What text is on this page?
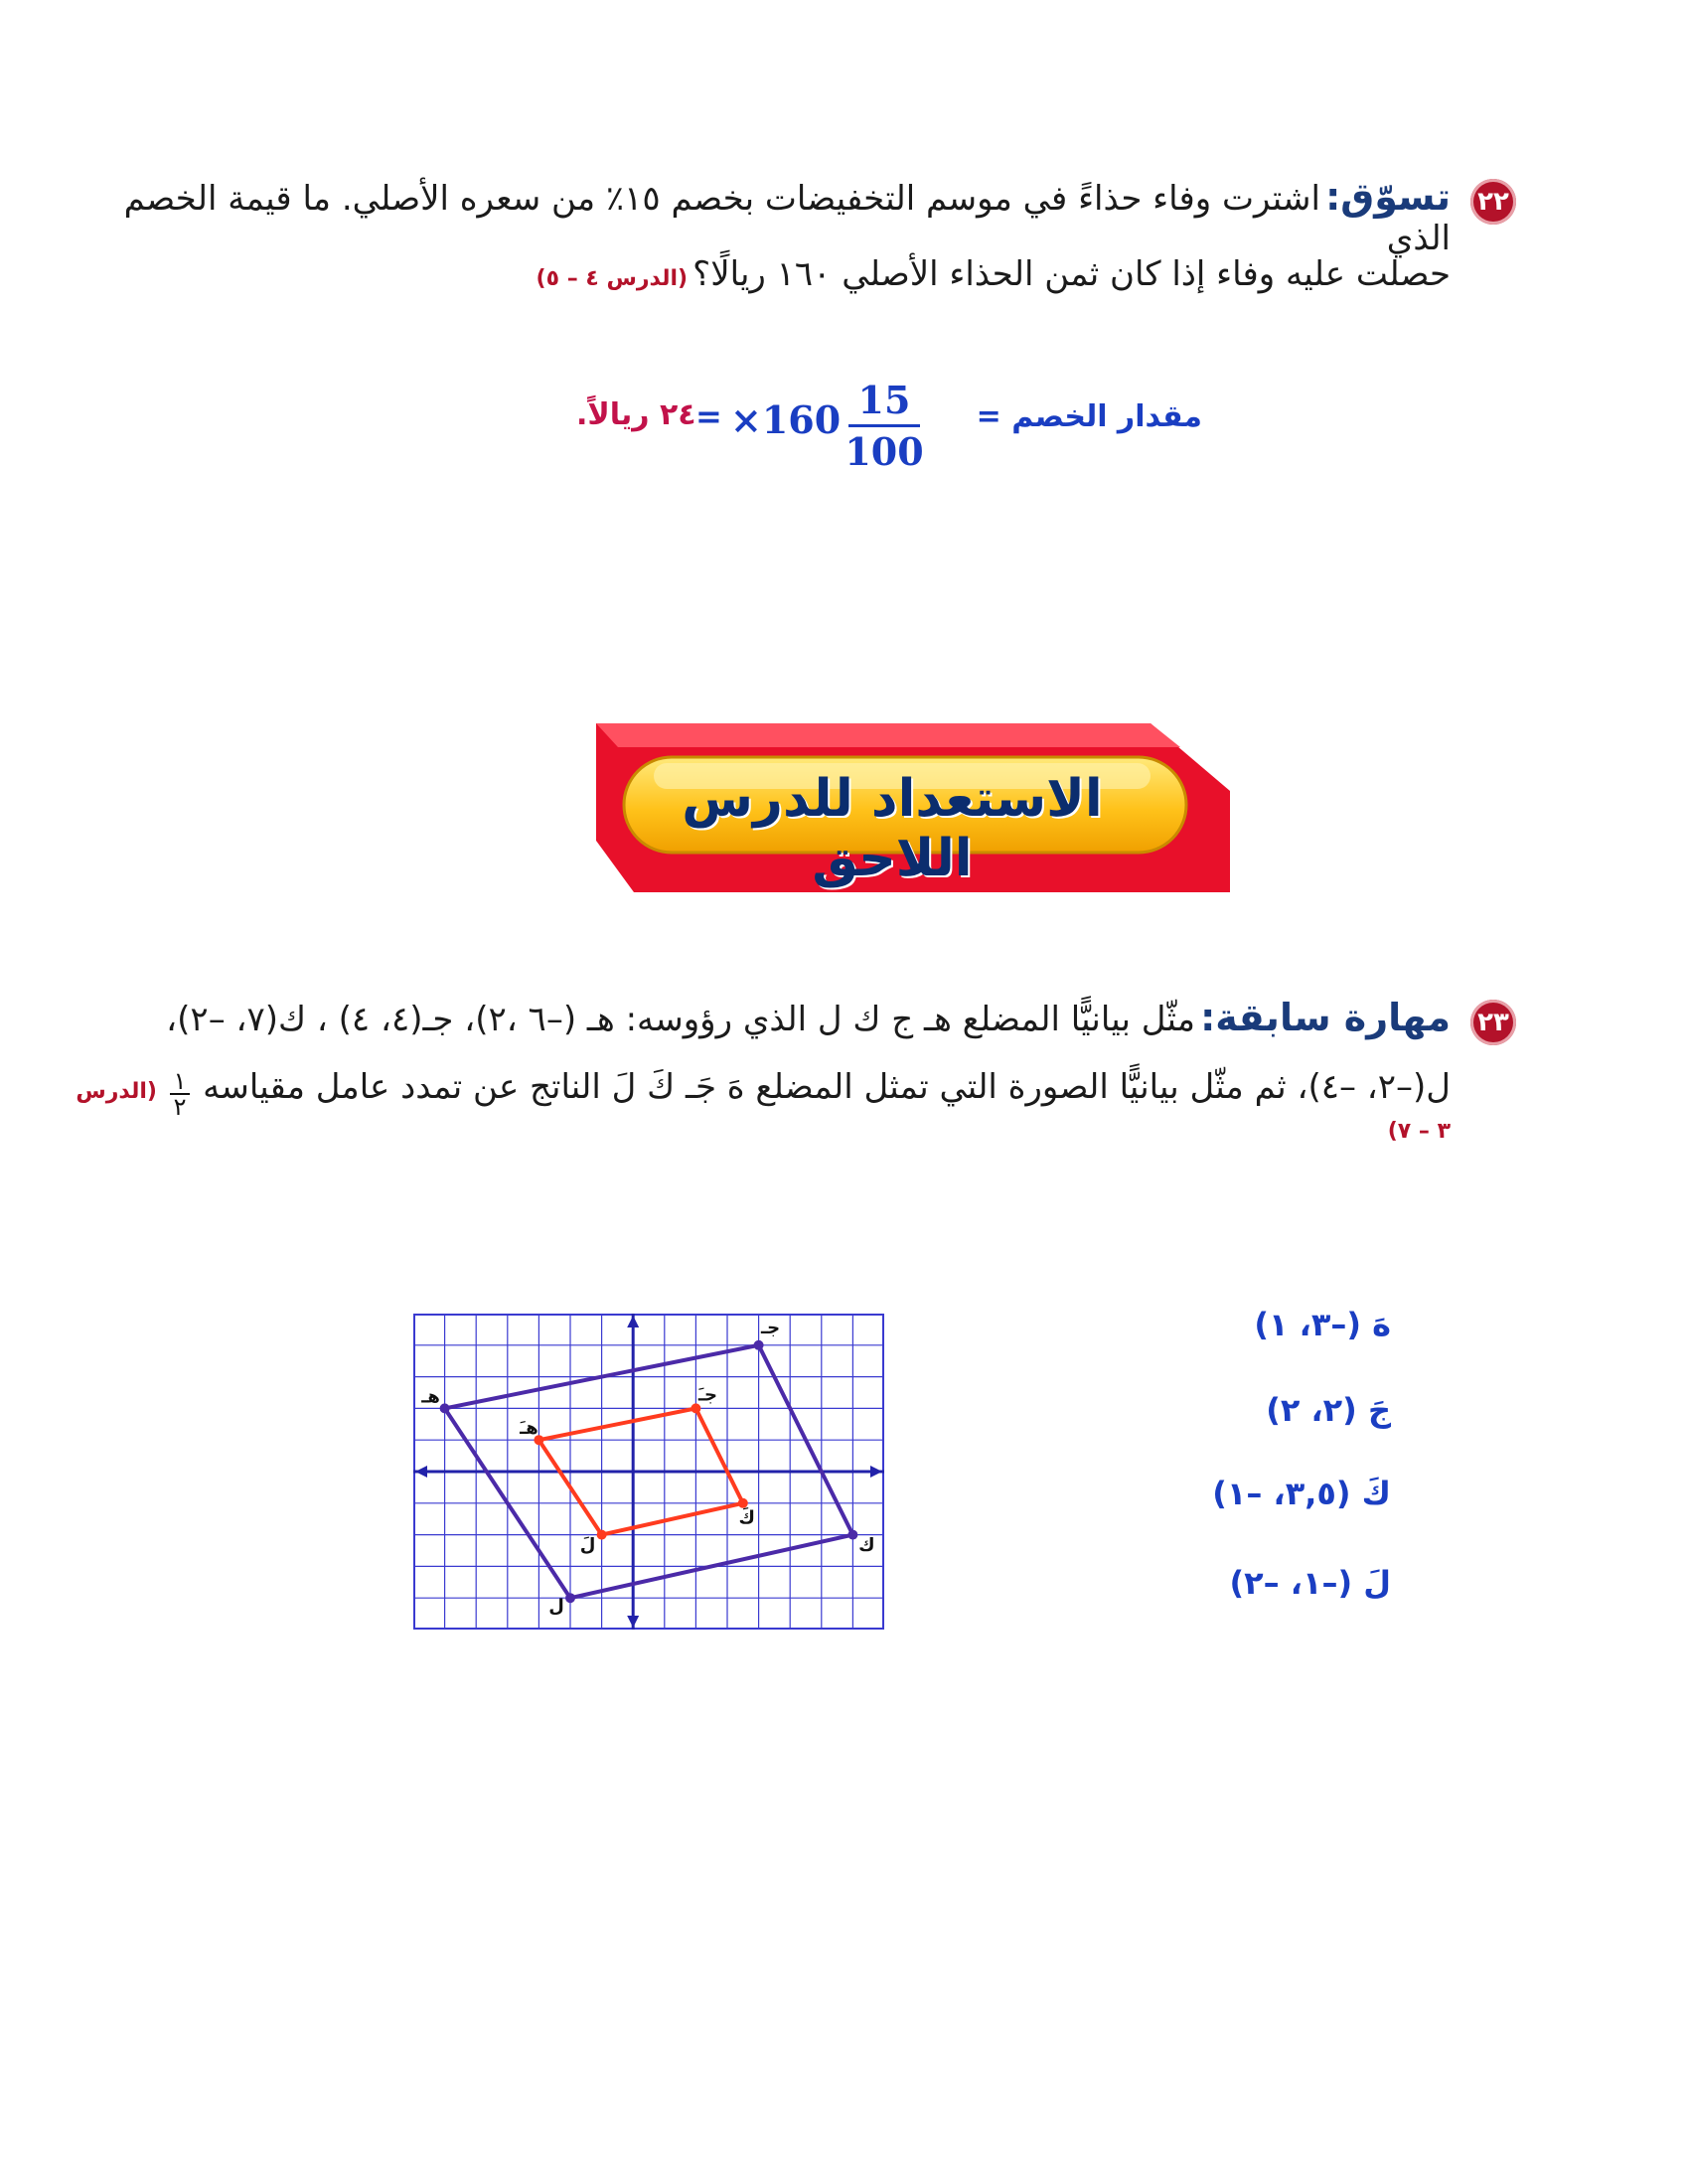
٢٢
تسوّق: اشترت وفاء حذاءً في موسم التخفيضات بخصم ١٥٪ من سعره الأصلي. ما قيمة الخصم الذي
حصلت عليه وفاء إذا كان ثمن الحذاء الأصلي ١٦٠ ريالًا؟ (الدرس ٤ – ٥)
مقدار الخصم =
15
100
×160
=
٢٤ ريالاً.
الاستعداد للدرس اللاحق
٢٣
مهارة سابقة: مثّل بيانيًّا المضلع هـ ج ك ل الذي رؤوسه: هـ (–٦ ،٢)، جـ(٤، ٤) ، ك(٧، –٢)،
ل(–٢، –٤)، ثم مثّل بيانيًّا الصورة التي تمثل المضلع هَ جَـ كَ لَ الناتج عن تمدد عامل مقياسه
١
٢
(الدرس ٣ – ٧)
هـ
جـ
ك
ل
هـَ
جـَ
كَ
لَ
هَ (–٣، ١)
جَ (٢، ٢)
كَ (٣,٥، –١)
لَ (–١، –٢)
